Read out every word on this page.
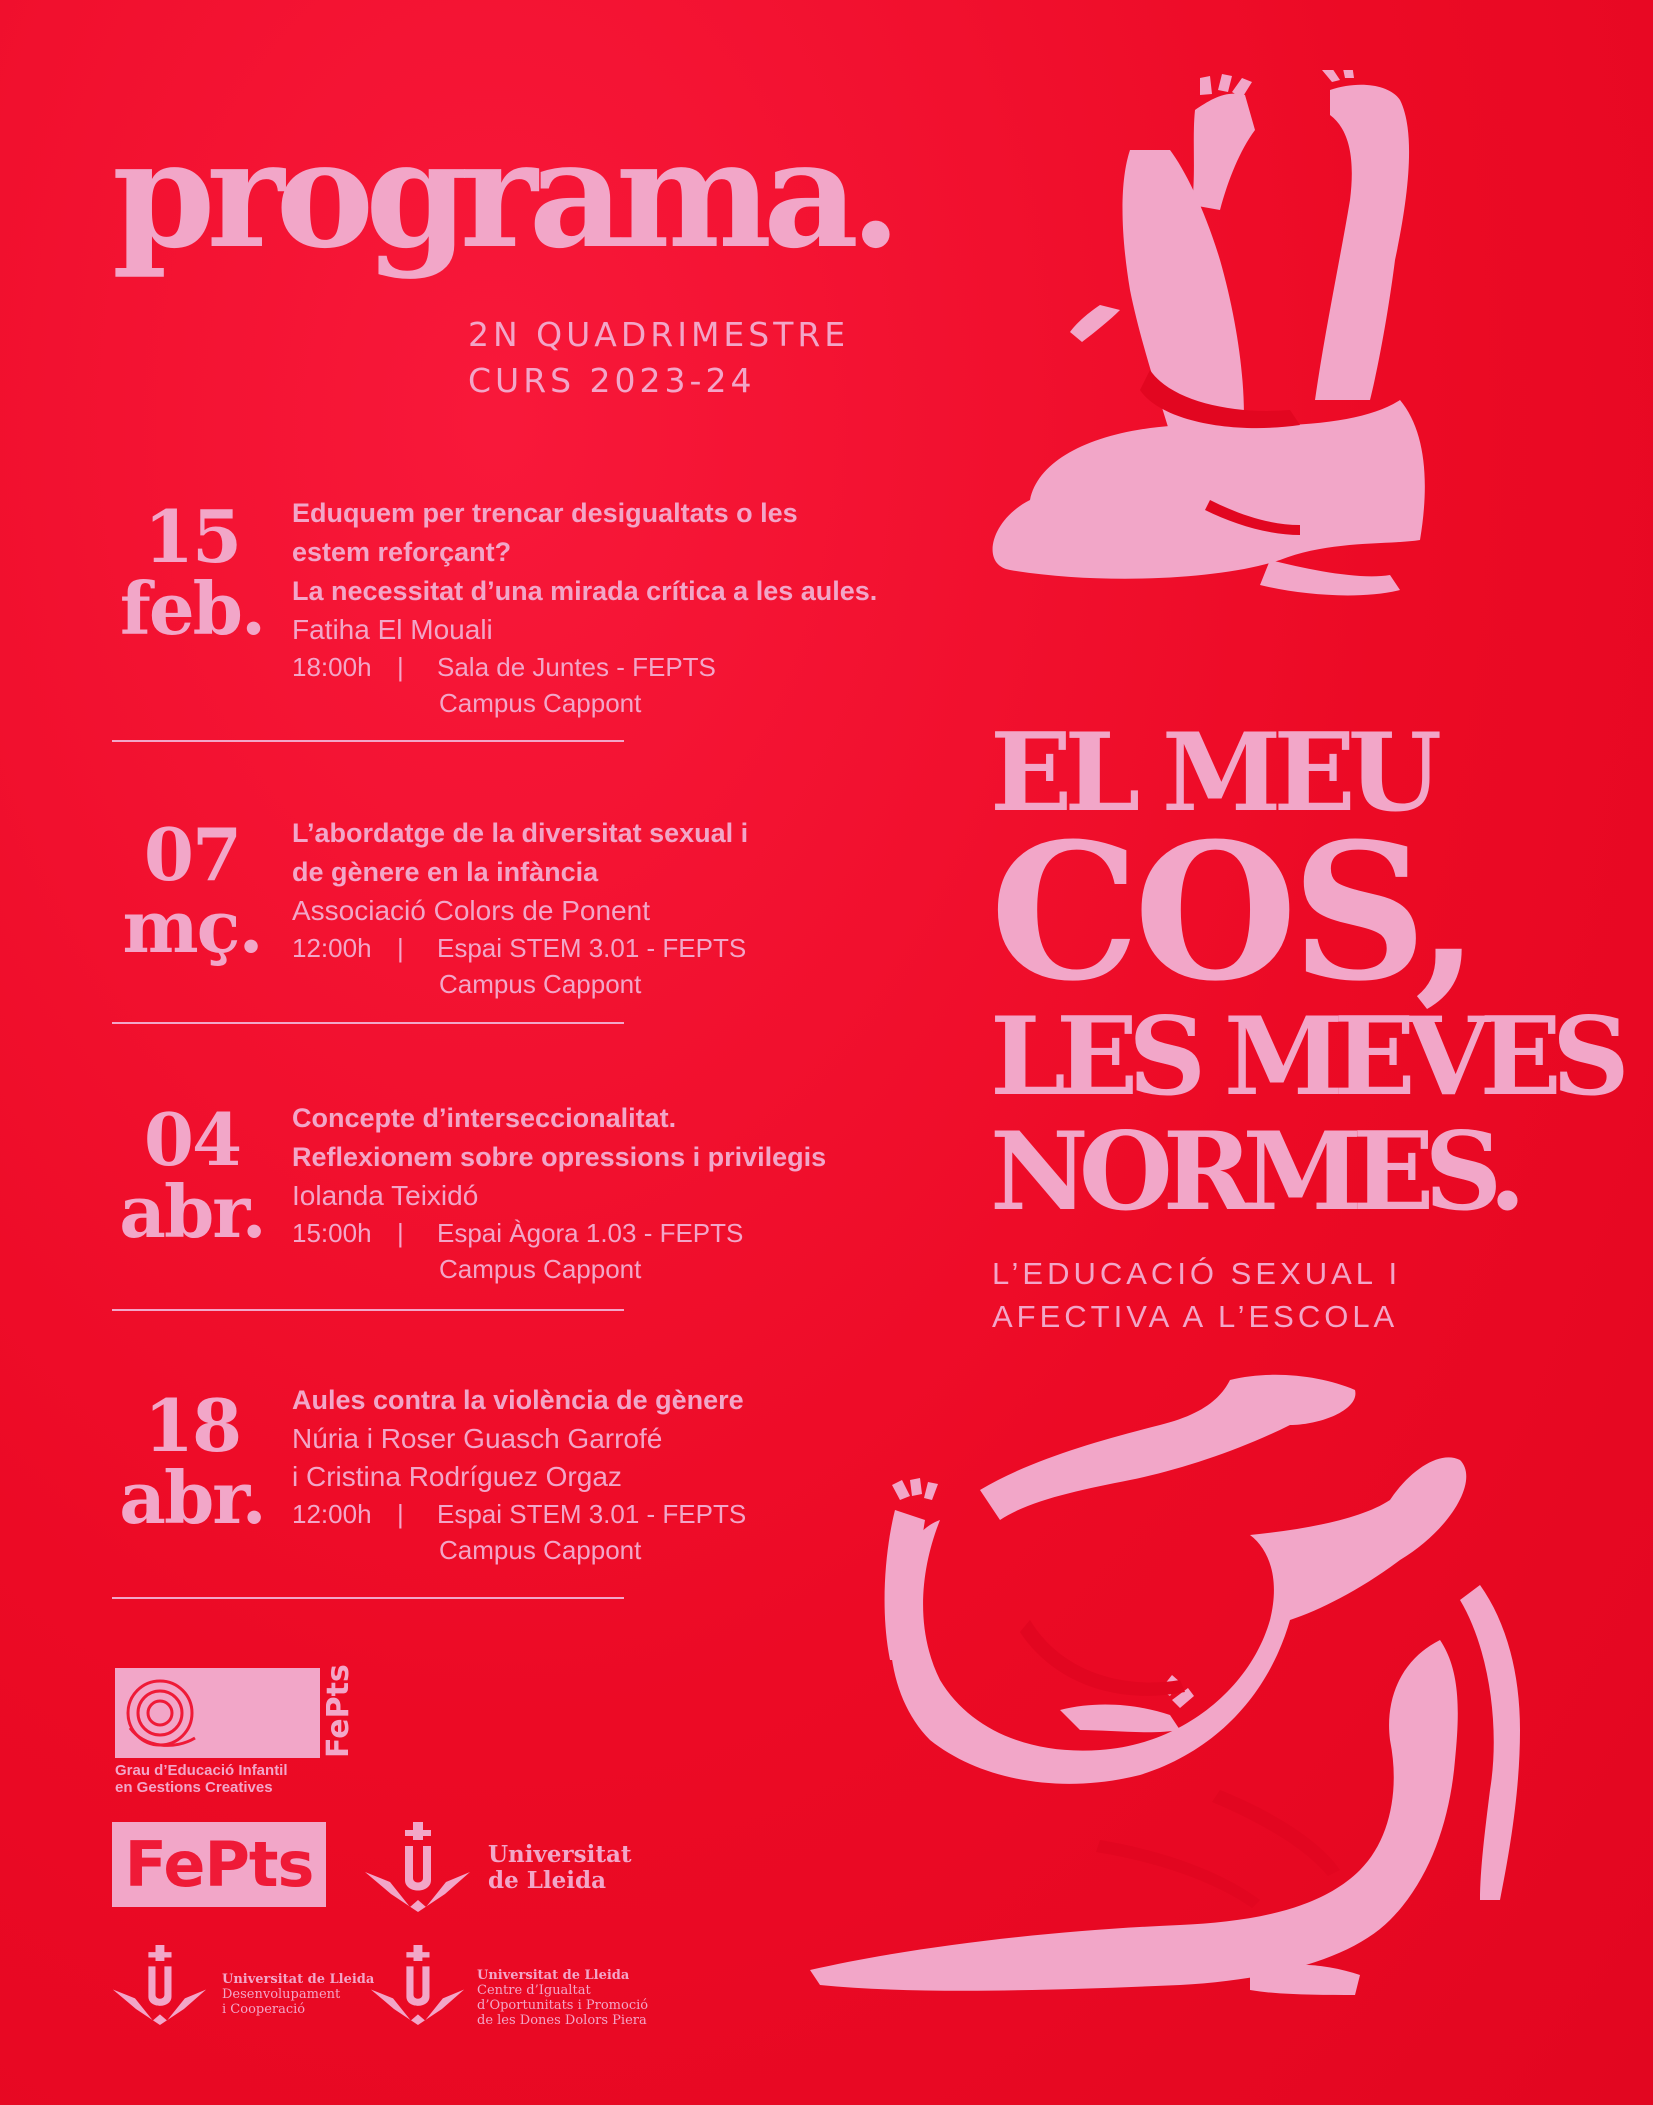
programa.
2N QUADRIMESTRE
CURS 2023-24
15
feb.
Eduquem per trencar desigualtats o les
estem reforçant?
La necessitat d’una mirada crítica a les aules.
Fatiha El Mouali
18:00h | Sala de Juntes - FEPTS
Campus Cappont
07
mç.
L’abordatge de la diversitat sexual i
de gènere en la infància
Associació Colors de Ponent
12:00h | Espai STEM 3.01 - FEPTS
Campus Cappont
04
abr.
Concepte d’interseccionalitat.
Reflexionem sobre opressions i privilegis
Iolanda Teixidó
15:00h | Espai Àgora 1.03 - FEPTS
Campus Cappont
18
abr.
Aules contra la violència de gènere
Núria i Roser Guasch Garrofé
i Cristina Rodríguez Orgaz
12:00h | Espai STEM 3.01 - FEPTS
Campus Cappont
EL MEU
COS,
LES MEVES
NORMES.
L’EDUCACIÓ SEXUAL I
AFECTIVA A L’ESCOLA
FePts
Grau d’Educació Infantil
en Gestions Creatives
FePts	Universitat
de Lleida
Universitat de Lleida
Desenvolupament
i Cooperació
Universitat de Lleida
Centre d’Igualtat
d’Oportunitats i Promoció
de les Dones Dolors Piera
